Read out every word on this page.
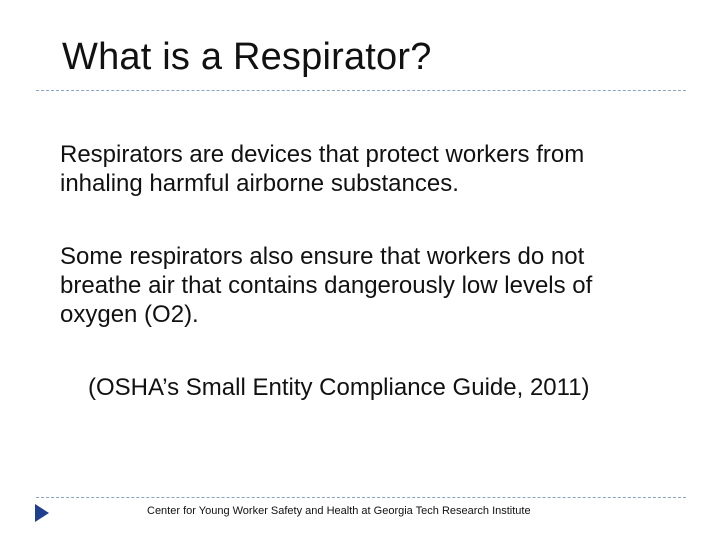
What is a Respirator?

Respirators are devices that protect workers from inhaling harmful airborne substances.

Some respirators also ensure that workers do not breathe air that contains dangerously low levels of oxygen (O2).

(OSHA’s Small Entity Compliance Guide, 2011)

Center for Young Worker Safety and Health at Georgia Tech Research Institute
